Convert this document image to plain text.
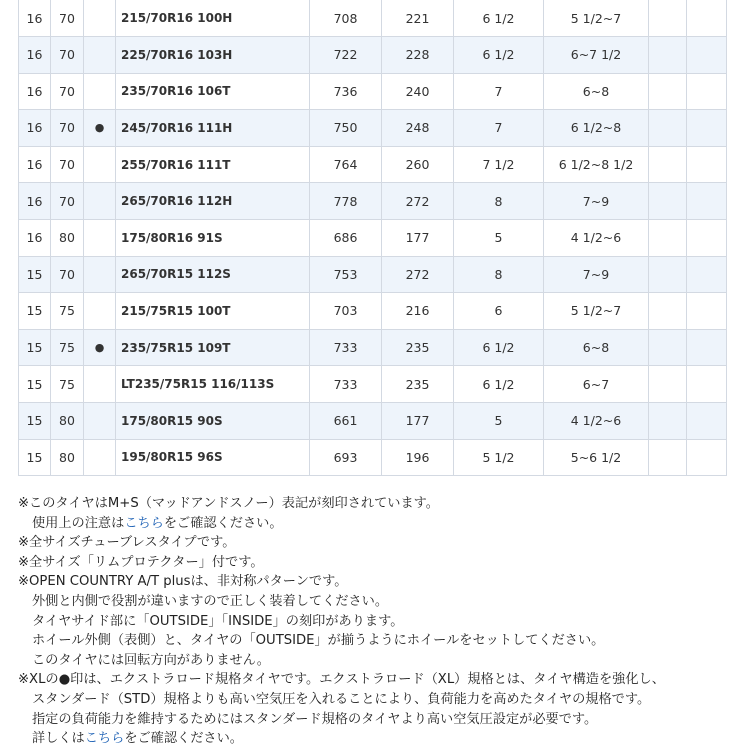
16	70		215/70R16 100H	708	221	6 1/2	5 1/2~7		
16	70		225/70R16 103H	722	228	6 1/2	6~7 1/2		
16	70		235/70R16 106T	736	240	7	6~8		
16	70	●	245/70R16 111H	750	248	7	6 1/2~8		
16	70		255/70R16 111T	764	260	7 1/2	6 1/2~8 1/2		
16	70		265/70R16 112H	778	272	8	7~9		
16	80		175/80R16 91S	686	177	5	4 1/2~6		
15	70		265/70R15 112S	753	272	8	7~9		
15	75		215/75R15 100T	703	216	6	5 1/2~7		
15	75	●	235/75R15 109T	733	235	6 1/2	6~8		
15	75		LT235/75R15 116/113S	733	235	6 1/2	6~7		
15	80		175/80R15 90S	661	177	5	4 1/2~6		
15	80		195/80R15 96S	693	196	5 1/2	5~6 1/2		
※このタイヤはM+S（マッドアンドスノー）表記が刻印されています。
使用上の注意はこちらをご確認ください。
※全サイズチューブレスタイプです。
※全サイズ「リムプロテクター」付です。
※OPEN COUNTRY A/T plusは、非対称パターンです。
外側と内側で役割が違いますので正しく装着してください。
タイヤサイド部に「OUTSIDE」「INSIDE」の刻印があります。
ホイール外側（表側）と、タイヤの「OUTSIDE」が揃うようにホイールをセットしてください。
このタイヤには回転方向がありません。
※XLの●印は、エクストラロード規格タイヤです。エクストラロード（XL）規格とは、タイヤ構造を強化し、
スタンダード（STD）規格よりも高い空気圧を入れることにより、負荷能力を高めたタイヤの規格です。
指定の負荷能力を維持するためにはスタンダード規格のタイヤより高い空気圧設定が必要です。
詳しくはこちらをご確認ください。
